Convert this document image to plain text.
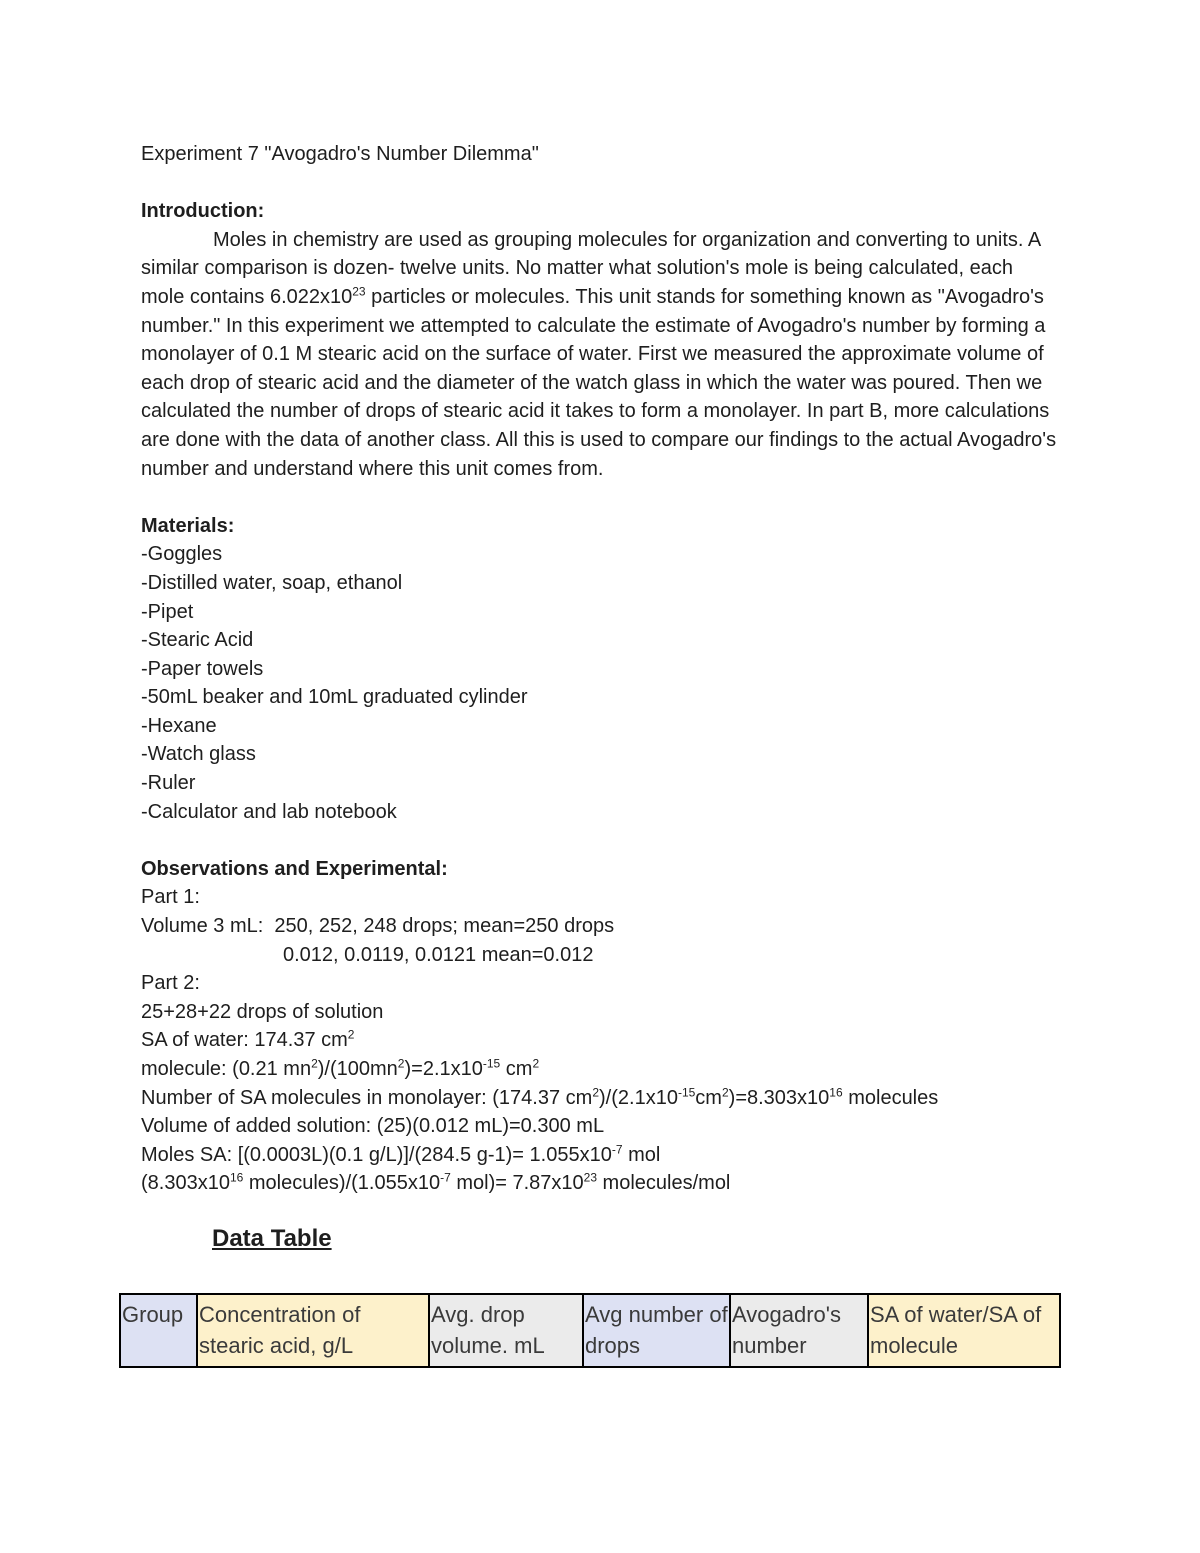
Experiment 7 "Avogadro's Number Dilemma"
Introduction:
Moles in chemistry are used as grouping molecules for organization and converting to units. A similar comparison is dozen- twelve units. No matter what solution's mole is being calculated, each mole contains $6.022x10^{23}$ particles or molecules. This unit stands for something known as "Avogadro's number." In this experiment we attempted to calculate the estimate of Avogadro's number by forming a monolayer of 0.1 M stearic acid on the surface of water. First we measured the approximate volume of each drop of stearic acid and the diameter of the watch glass in which the water was poured. Then we calculated the number of drops of stearic acid it takes to form a monolayer. In part B, more calculations are done with the data of another class. All this is used to compare our findings to the actual Avogadro's number and understand where this unit comes from.
Materials:
-Goggles
-Distilled water, soap, ethanol
-Pipet
-Stearic Acid
-Paper towels
-50mL beaker and 10mL graduated cylinder
-Hexane
-Watch glass
-Ruler
-Calculator and lab notebook
Observations and Experimental:
Part 1:
Volume 3 mL:  250, 252, 248 drops; mean=250 drops
0.012, 0.0119, 0.0121 mean=0.012
Part 2:
25+28+22 drops of solution
SA of water: 174.37 $cm^2$
molecule: (0.21 $mn^2)/(100mn^2)=2.1x10^{-15}$ $cm^2$
Number of SA molecules in monolayer: (174.37 $cm^2)/(2.1x10^{-15}cm^2)=8.303x10^{16}$ molecules
Volume of added solution: (25)(0.012 mL)=0.300 mL
Moles SA: [(0.0003L)(0.1 g/L)]/(284.5 $g-1)= 1.055x10^{-7}$ mol
($8.303x10^{16}$ $molecules)/(1.055x10^{-7}$ $mol)= 7.87x10^{23}$ molecules/mol
Data Table
Group	Concentration of stearic acid, g/L	Avg. drop volume. mL	Avg number of drops	Avogadro's number	SA of water/SA of molecule
